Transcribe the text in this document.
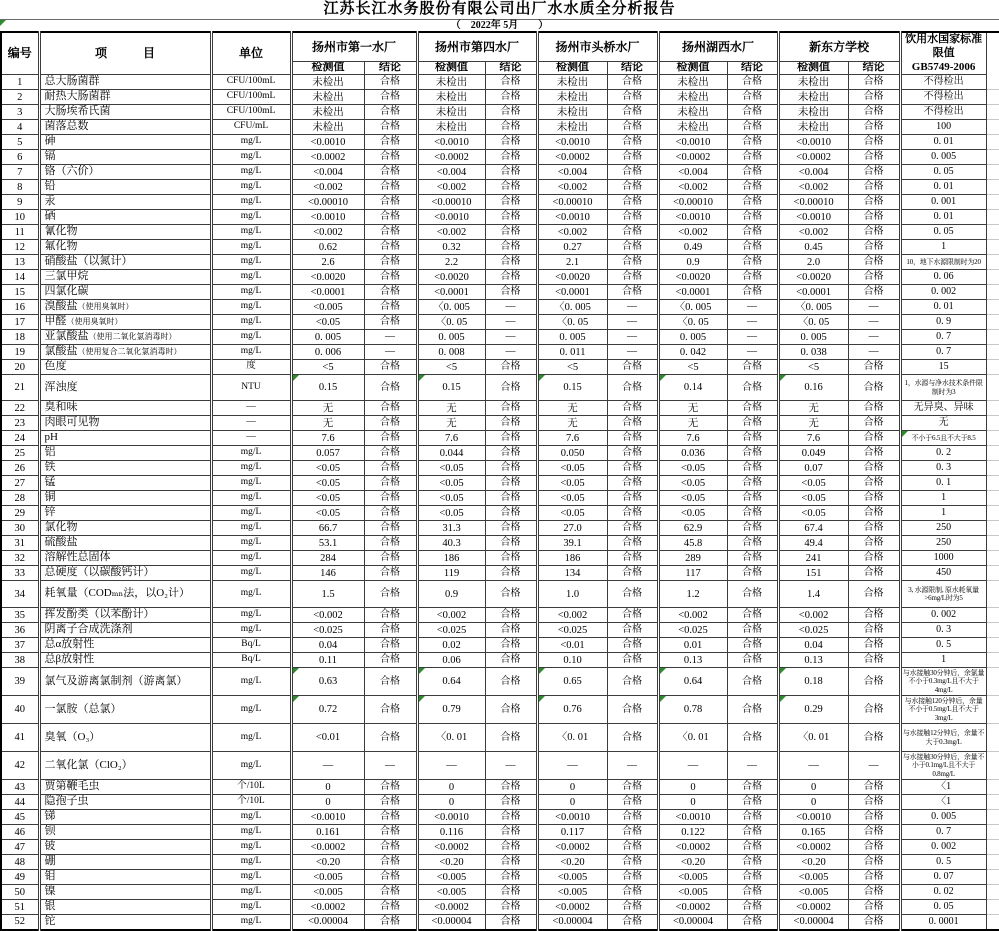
江苏长江水务股份有限公司出厂水水质全分析报告
（　2022年 5月　　）
编号	项　　　目	单位	扬州市第一水厂		扬州市第四水厂		扬州市头桥水厂		扬州湖西水厂		新东方学校		饮用水国家标准限值
GB5749-2006	

			检测值	结论	检测值	结论	检测值	结论	检测值	结论	检测值	结论		
1	总大肠菌群	CFU/100mL	未检出	合格	未检出	合格	未检出	合格	未检出	合格	未检出	合格	不得检出	
2	耐热大肠菌群	CFU/100mL	未检出	合格	未检出	合格	未检出	合格	未检出	合格	未检出	合格	不得检出	
3	大肠埃希氏菌	CFU/100mL	未检出	合格	未检出	合格	未检出	合格	未检出	合格	未检出	合格	不得检出	
4	菌落总数	CFU/mL	未检出	合格	未检出	合格	未检出	合格	未检出	合格	未检出	合格	100	
5	砷	mg/L	<0.0010	合格	<0.0010	合格	<0.0010	合格	<0.0010	合格	<0.0010	合格	0. 01	
6	镉	mg/L	<0.0002	合格	<0.0002	合格	<0.0002	合格	<0.0002	合格	<0.0002	合格	0. 005	
7	铬（六价）	mg/L	<0.004	合格	<0.004	合格	<0.004	合格	<0.004	合格	<0.004	合格	0. 05	
8	铅	mg/L	<0.002	合格	<0.002	合格	<0.002	合格	<0.002	合格	<0.002	合格	0. 01	
9	汞	mg/L	<0.00010	合格	<0.00010	合格	<0.00010	合格	<0.00010	合格	<0.00010	合格	0. 001	
10	硒	mg/L	<0.0010	合格	<0.0010	合格	<0.0010	合格	<0.0010	合格	<0.0010	合格	0. 01	
11	氰化物	mg/L	<0.002	合格	<0.002	合格	<0.002	合格	<0.002	合格	<0.002	合格	0. 05	
12	氟化物	mg/L	0.62	合格	0.32	合格	0.27	合格	0.49	合格	0.45	合格	1	
13	硝酸盐（以氮计）	mg/L	2.6	合格	2.2	合格	2.1	合格	0.9	合格	2.0	合格	10，地下水源限制时为20	
14	三氯甲烷	mg/L	<0.0020	合格	<0.0020	合格	<0.0020	合格	<0.0020	合格	<0.0020	合格	0. 06	
15	四氯化碳	mg/L	<0.0001	合格	<0.0001	合格	<0.0001	合格	<0.0001	合格	<0.0001	合格	0. 002	
16	溴酸盐（使用臭氧时）	mg/L	<0.005	合格	〈0. 005	—	〈0. 005	—	〈0. 005	—	〈0. 005	—	0. 01	
17	甲醛（使用臭氧时）	mg/L	<0.05	合格	〈0. 05	—	〈0. 05	—	〈0. 05	—	〈0. 05	—	0. 9	
18	亚氯酸盐（使用二氧化氯消毒时）	mg/L	0. 005	—	0. 005	—	0. 005	—	0. 005	—	0. 005	—	0. 7	
19	氯酸盐（使用复合二氧化氯消毒时）	mg/L	0. 006	—	0. 008	—	0. 011	—	0. 042	—	0. 038	—	0. 7	
20	色度	度	<5	合格	<5	合格	<5	合格	<5	合格	<5	合格	15	
21	浑浊度	NTU	0.15	合格	0.15	合格	0.15	合格	0.14	合格	0.16	合格	1，水源与净水技术条件限制时为3	
22	臭和味	—	无	合格	无	合格	无	合格	无	合格	无	合格	无异臭、异味	
23	肉眼可见物	—	无	合格	无	合格	无	合格	无	合格	无	合格	无	
24	pH	—	7.6	合格	7.6	合格	7.6	合格	7.6	合格	7.6	合格	不小于6.5且不大于8.5

25	铝	mg/L	0.057	合格	0.044	合格	0.050	合格	0.036	合格	0.049	合格	0. 2	
26	铁	mg/L	<0.05	合格	<0.05	合格	<0.05	合格	<0.05	合格	0.07	合格	0. 3	
27	锰	mg/L	<0.05	合格	<0.05	合格	<0.05	合格	<0.05	合格	<0.05	合格	0. 1	
28	铜	mg/L	<0.05	合格	<0.05	合格	<0.05	合格	<0.05	合格	<0.05	合格	1	
29	锌	mg/L	<0.05	合格	<0.05	合格	<0.05	合格	<0.05	合格	<0.05	合格	1	
30	氯化物	mg/L	66.7	合格	31.3	合格	27.0	合格	62.9	合格	67.4	合格	250	
31	硫酸盐	mg/L	53.1	合格	40.3	合格	39.1	合格	45.8	合格	49.4	合格	250	
32	溶解性总固体	mg/L	284	合格	186	合格	186	合格	289	合格	241	合格	1000	
33	总硬度（以碳酸钙计）	mg/L	146	合格	119	合格	134	合格	117	合格	151	合格	450	
34	耗氧量（CODₘₙ法，以O₂计）	mg/L	1.5	合格	0.9	合格	1.0	合格	1.2	合格	1.4	合格	3, 水源限制, 原水耗氧量>6mg/L时为5	
35	挥发酚类（以苯酚计）	mg/L	<0.002	合格	<0.002	合格	<0.002	合格	<0.002	合格	<0.002	合格	0. 002	
36	阴离子合成洗涤剂	mg/L	<0.025	合格	<0.025	合格	<0.025	合格	<0.025	合格	<0.025	合格	0. 3	
37	总α放射性	Bq/L	0.04	合格	0.02	合格	<0.01	合格	0.01	合格	0.04	合格	0. 5	
38	总β放射性	Bq/L	0.11	合格	0.06	合格	0.10	合格	0.13	合格	0.13	合格	1	
39	氯气及游离氯制剂（游离氯）	mg/L	0.63	合格	0.64	合格	0.65	合格	0.64	合格	0.18	合格	与水接触30分钟后，余氯量不小于0.3mg/L且不大于4mg/L	
40	一氯胺（总氯）	mg/L	0.72	合格	0.79	合格	0.76	合格	0.78	合格	0.29	合格	与水接触120分钟后，余量不小于0.5mg/L且不大于3mg/L	
41	臭氧（O₃）	mg/L	<0.01	合格	〈0. 01	合格	〈0. 01	合格	〈0. 01	合格	〈0. 01	合格	与水接触12分钟后，余量不大于0.3mg/L	
42	二氧化氯（ClO₂）	mg/L	—	—	—	—	—	—	—	—	—	—	与水接触30分钟后，余量不小于0.1mg/L且不大于0.8mg/L	
43	贾第鞭毛虫	个/10L	0	合格	0	合格	0	合格	0	合格	0	合格	〈1	
44	隐孢子虫	个/10L	0	合格	0	合格	0	合格	0	合格	0	合格	〈1	
45	锑	mg/L	<0.0010	合格	<0.0010	合格	<0.0010	合格	<0.0010	合格	<0.0010	合格	0. 005	
46	钡	mg/L	0.161	合格	0.116	合格	0.117	合格	0.122	合格	0.165	合格	0. 7	
47	铍	mg/L	<0.0002	合格	<0.0002	合格	<0.0002	合格	<0.0002	合格	<0.0002	合格	0. 002	
48	硼	mg/L	<0.20	合格	<0.20	合格	<0.20	合格	<0.20	合格	<0.20	合格	0. 5	
49	钼	mg/L	<0.005	合格	<0.005	合格	<0.005	合格	<0.005	合格	<0.005	合格	0. 07	
50	镍	mg/L	<0.005	合格	<0.005	合格	<0.005	合格	<0.005	合格	<0.005	合格	0. 02	
51	银	mg/L	<0.0002	合格	<0.0002	合格	<0.0002	合格	<0.0002	合格	<0.0002	合格	0. 05	
52	铊	mg/L	<0.00004	合格	<0.00004	合格	<0.00004	合格	<0.00004	合格	<0.00004	合格	0. 0001	
